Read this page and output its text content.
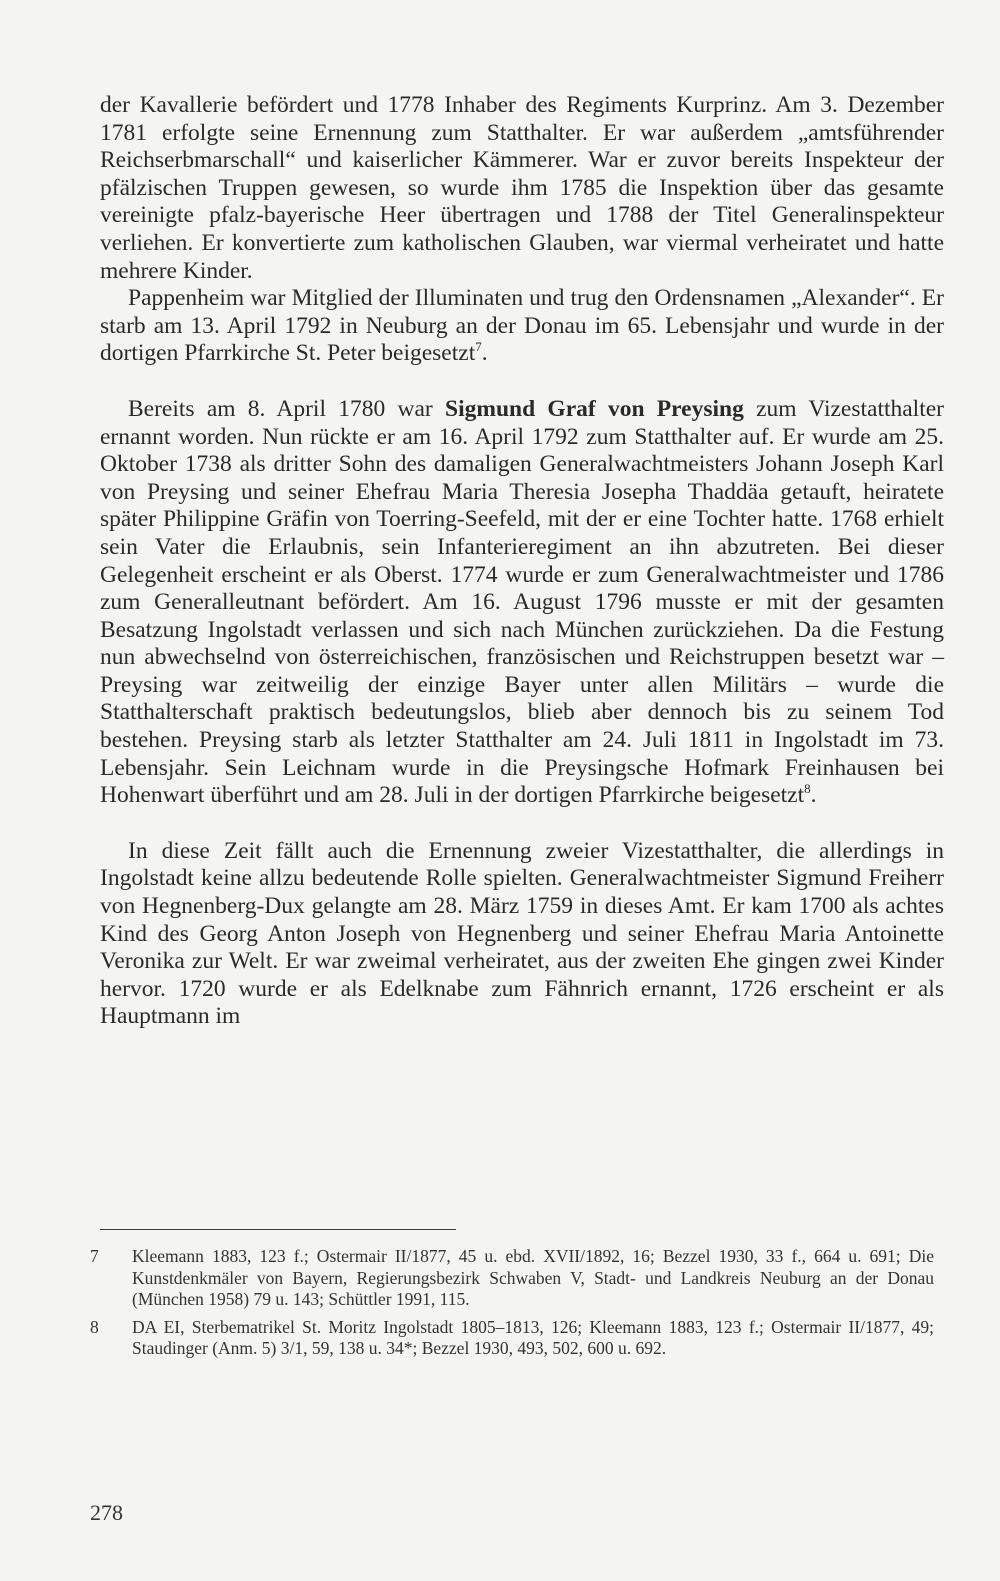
der Kavallerie befördert und 1778 Inhaber des Regiments Kurprinz. Am 3. Dezember 1781 erfolgte seine Ernennung zum Statthalter. Er war außerdem „amtsführender Reichserbmarschall“ und kaiserlicher Kämmerer. War er zuvor bereits Inspekteur der pfälzischen Truppen gewesen, so wurde ihm 1785 die Inspektion über das gesamte vereinigte pfalz-bayerische Heer übertragen und 1788 der Titel Generalinspekteur verliehen. Er konvertierte zum katholischen Glauben, war viermal verheiratet und hatte mehrere Kinder.

Pappenheim war Mitglied der Illuminaten und trug den Ordensnamen „Alexander“. Er starb am 13. April 1792 in Neuburg an der Donau im 65. Lebensjahr und wurde in der dortigen Pfarrkirche St. Peter beigesetzt$^7$.

Bereits am 8. April 1780 war Sigmund Graf von Preysing zum Vizestatthalter ernannt worden. Nun rückte er am 16. April 1792 zum Statthalter auf. Er wurde am 25. Oktober 1738 als dritter Sohn des damaligen Generalwachtmeisters Johann Joseph Karl von Preysing und seiner Ehefrau Maria Theresia Josepha Thaddäa getauft, heiratete später Philippine Gräfin von Toerring-Seefeld, mit der er eine Tochter hatte. 1768 erhielt sein Vater die Erlaubnis, sein Infanterieregiment an ihn abzutreten. Bei dieser Gelegenheit erscheint er als Oberst. 1774 wurde er zum Generalwachtmeister und 1786 zum Generalleutnant befördert. Am 16. August 1796 musste er mit der gesamten Besatzung Ingolstadt verlassen und sich nach München zurückziehen. Da die Festung nun abwechselnd von österreichischen, französischen und Reichstruppen besetzt war – Preysing war zeitweilig der einzige Bayer unter allen Militärs – wurde die Statthalterschaft praktisch bedeutungslos, blieb aber dennoch bis zu seinem Tod bestehen. Preysing starb als letzter Statthalter am 24. Juli 1811 in Ingolstadt im 73. Lebensjahr. Sein Leichnam wurde in die Preysingsche Hofmark Freinhausen bei Hohenwart überführt und am 28. Juli in der dortigen Pfarrkirche beigesetzt$^8$.

In diese Zeit fällt auch die Ernennung zweier Vizestatthalter, die allerdings in Ingolstadt keine allzu bedeutende Rolle spielten. Generalwachtmeister Sigmund Freiherr von Hegnenberg-Dux gelangte am 28. März 1759 in dieses Amt. Er kam 1700 als achtes Kind des Georg Anton Joseph von Hegnenberg und seiner Ehefrau Maria Antoinette Veronika zur Welt. Er war zweimal verheiratet, aus der zweiten Ehe gingen zwei Kinder hervor. 1720 wurde er als Edelknabe zum Fähnrich ernannt, 1726 erscheint er als Hauptmann im

7	Kleemann 1883, 123 f.; Ostermair II/1877, 45 u. ebd. XVII/1892, 16; Bezzel 1930, 33 f., 664 u. 691; Die Kunstdenkmäler von Bayern, Regierungsbezirk Schwaben V, Stadt- und Landkreis Neuburg an der Donau (München 1958) 79 u. 143; Schüttler 1991, 115.
8	DA EI, Sterbematrikel St. Moritz Ingolstadt 1805–1813, 126; Kleemann 1883, 123 f.; Ostermair II/1877, 49; Staudinger (Anm. 5) 3/1, 59, 138 u. 34*; Bezzel 1930, 493, 502, 600 u. 692.
278
